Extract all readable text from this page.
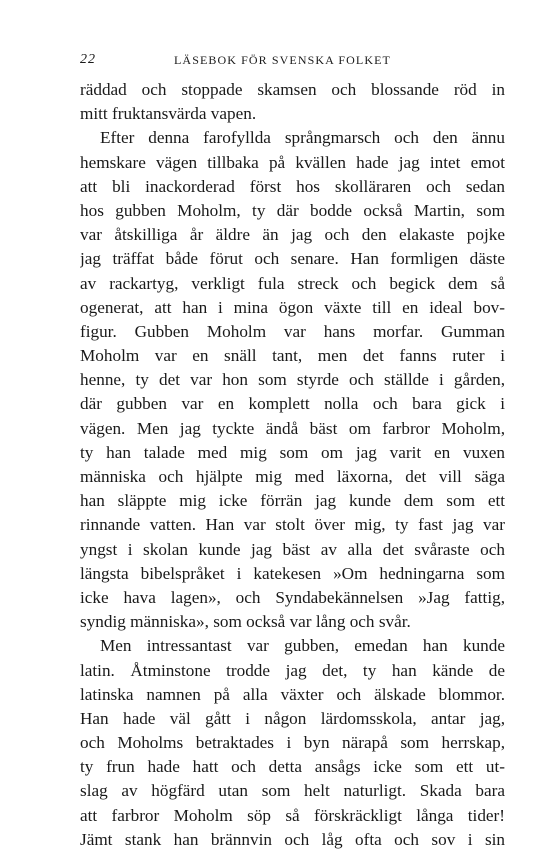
22	LÄSEBOK FÖR SVENSKA FOLKET
räddad och stoppade skamsen och blossande röd in
mitt fruktansvärda vapen.
Efter denna farofyllda språngmarsch och den ännu
hemskare vägen tillbaka på kvällen hade jag intet emot
att bli inackorderad först hos skolläraren och sedan
hos gubben Moholm, ty där bodde också Martin, som
var åtskilliga år äldre än jag och den elakaste pojke
jag träffat både förut och senare. Han formligen däste
av rackartyg, verkligt fula streck och begick dem så
ogenerat, att han i mina ögon växte till en ideal bov-
figur. Gubben Moholm var hans morfar. Gumman
Moholm var en snäll tant, men det fanns ruter i
henne, ty det var hon som styrde och ställde i gården,
där gubben var en komplett nolla och bara gick i
vägen. Men jag tyckte ändå bäst om farbror Moholm,
ty han talade med mig som om jag varit en vuxen
människa och hjälpte mig med läxorna, det vill säga
han släppte mig icke förrän jag kunde dem som ett
rinnande vatten. Han var stolt över mig, ty fast jag var
yngst i skolan kunde jag bäst av alla det svåraste och
längsta bibelspråket i katekesen »Om hedningarna som
icke hava lagen», och Syndabekännelsen »Jag fattig,
syndig människa», som också var lång och svår.
Men intressantast var gubben, emedan han kunde
latin. Åtminstone trodde jag det, ty han kände de
latinska namnen på alla växter och älskade blommor.
Han hade väl gått i någon lärdomsskola, antar jag,
och Moholms betraktades i byn närapå som herrskap,
ty frun hade hatt och detta ansågs icke som ett ut-
slag av högfärd utan som helt naturligt. Skada bara
att farbror Moholm söp så förskräckligt långa tider!
Jämt stank han brännvin och låg ofta och sov i sin
